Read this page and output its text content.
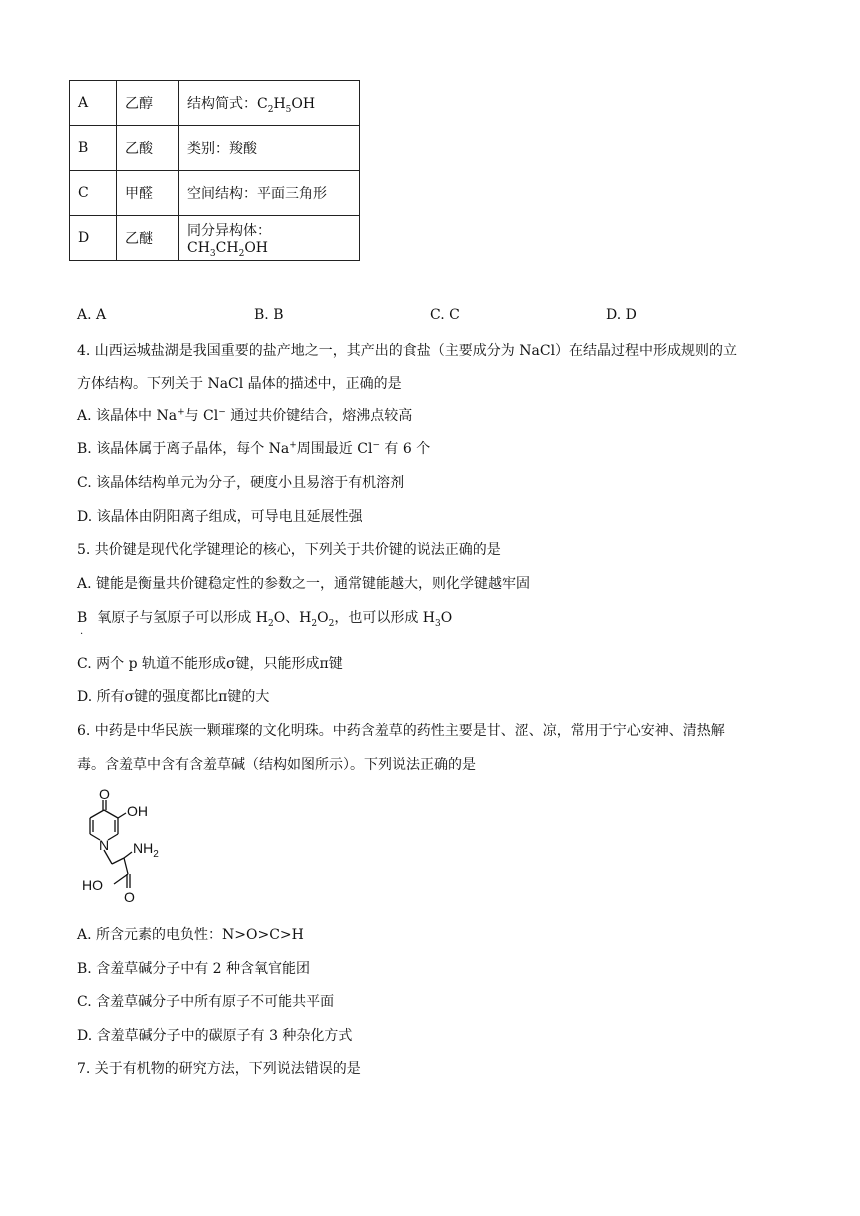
A	乙醇	结构简式：$C_2H_5OH$
B	乙酸	类别：羧酸
C	甲醛	空间结构：平面三角形
D	乙醚	同分异构体：$CH_3CH_2OH$
A. A	B. B	C. C	D. D
4. 山西运城盐湖是我国重要的盐产地之一，其产出的食盐（主要成分为 NaCl）在结晶过程中形成规则的立
方体结构。下列关于 NaCl 晶体的描述中，正确的是
A. 该晶体中 Na+与 Cl− 通过共价键结合，熔沸点较高
B. 该晶体属于离子晶体，每个 Na+周围最近 Cl− 有 6 个
C. 该晶体结构单元为分子，硬度小且易溶于有机溶剂
D. 该晶体由阴阳离子组成，可导电且延展性强
5. 共价键是现代化学键理论的核心，下列关于共价键的说法正确的是
A. 键能是衡量共价键稳定性的参数之一，通常键能越大，则化学键越牢固
B
.
氧原子与氢原子可以形成 $H_2O$、$H_2O_2$，也可以形成 $H_3O$
C. 两个 p 轨道不能形成σ键，只能形成π键
D. 所有σ键的强度都比π键的大
6. 中药是中华民族一颗璀璨的文化明珠。中药含羞草的药性主要是甘、涩、凉，常用于宁心安神、清热解
毒。含羞草中含有含羞草碱（结构如图所示）。下列说法正确的是
O
OH
N $NH_2$
HO
O
A. 所含元素的电负性：N>O>C>H
B. 含羞草碱分子中有 2 种含氧官能团
C. 含羞草碱分子中所有原子不可能共平面
D. 含羞草碱分子中的碳原子有 3 种杂化方式
7. 关于有机物的研究方法，下列说法错误的是
